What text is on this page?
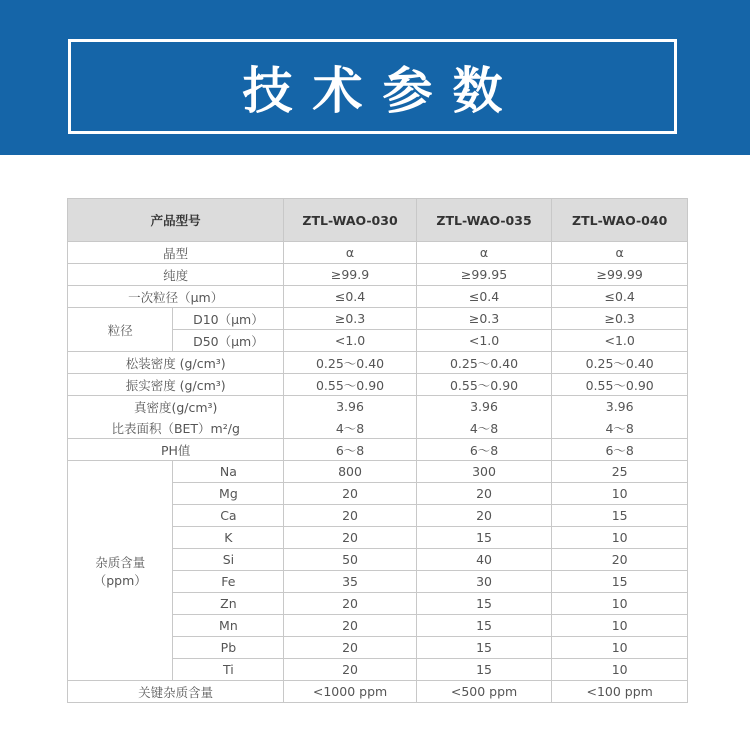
技术参数
产品型号		ZTL-WAO-030	ZTL-WAO-035	ZTL-WAO-040
晶型		α	α	α
纯度		≥99.9	≥99.95	≥99.99
一次粒径（μm）		≤0.4	≤0.4	≤0.4
粒径	D10（μm）	≥0.3	≥0.3	≥0.3
	D50（μm）	<1.0	<1.0	<1.0
松装密度 (g/cm³)		0.25～0.40	0.25～0.40	0.25～0.40
振实密度 (g/cm³)		0.55～0.90	0.55～0.90	0.55～0.90
真密度(g/cm³)		3.96	3.96	3.96
比表面积（BET）m²/g		4～8	4～8	4～8
PH值		6～8	6～8	6～8

杂质含量
（ppm）	Na	800	300	25
	Mg	20	20	10
	Ca	20	20	15
	K	20	15	10
	Si	50	40	20
	Fe	35	30	15
	Zn	20	15	10
	Mn	20	15	10
	Pb	20	15	10
	Ti	20	15	10
关键杂质含量		<1000 ppm	<500 ppm	<100 ppm
